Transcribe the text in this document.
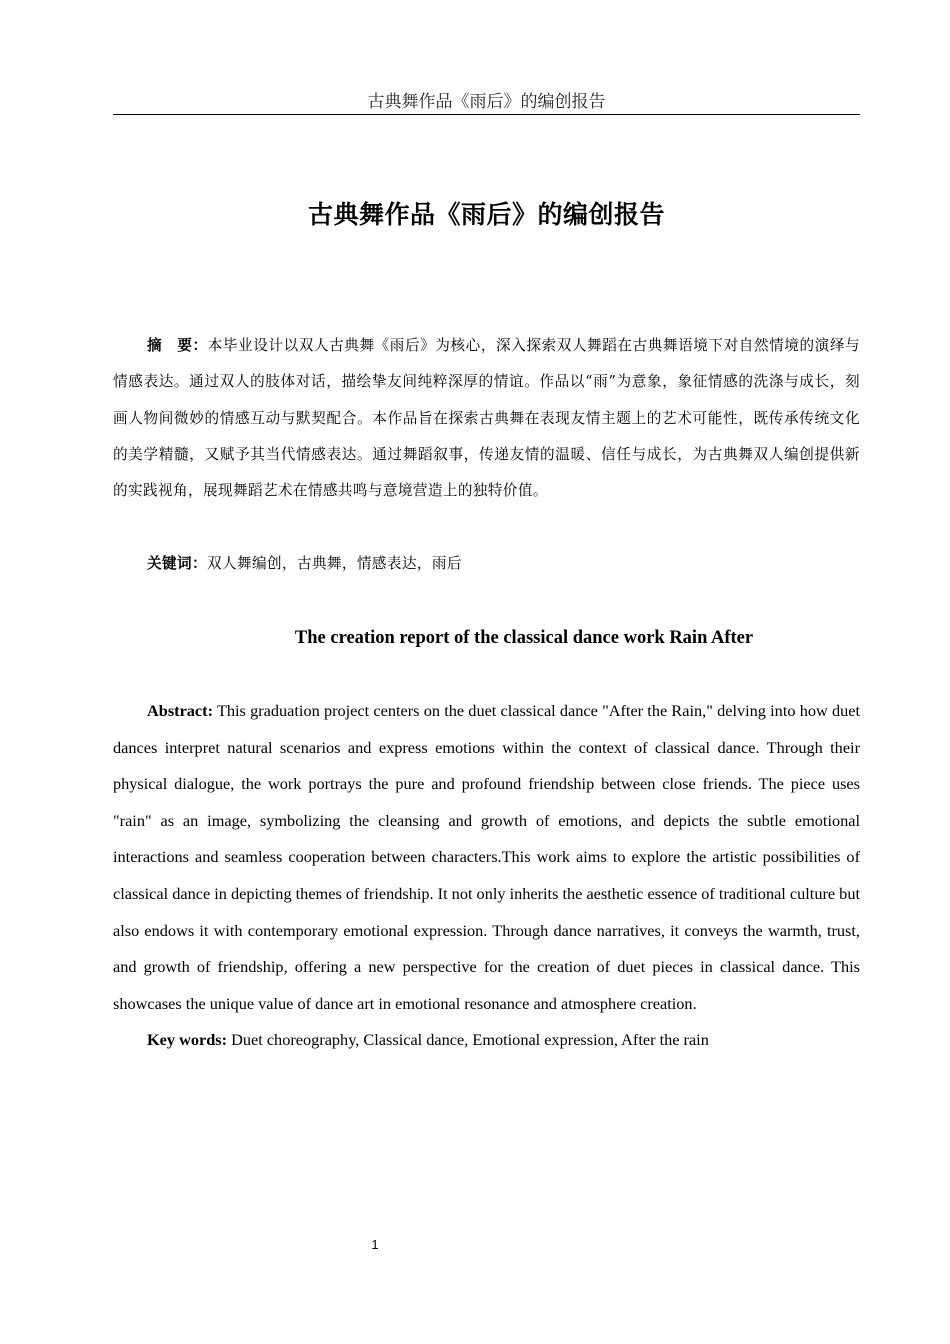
古典舞作品《雨后》的编创报告
古典舞作品《雨后》的编创报告

摘　要：本毕业设计以双人古典舞《雨后》为核心，深入探索双人舞蹈在古典舞语境下对自然情境的演绎与情感表达。通过双人的肢体对话，描绘挚友间纯粹深厚的情谊。作品以“雨”为意象，象征情感的洗涤与成长，刻画人物间微妙的情感互动与默契配合。本作品旨在探索古典舞在表现友情主题上的艺术可能性，既传承传统文化的美学精髓，又赋予其当代情感表达。通过舞蹈叙事，传递友情的温暖、信任与成长，为古典舞双人编创提供新的实践视角，展现舞蹈艺术在情感共鸣与意境营造上的独特价值。

关键词：双人舞编创，古典舞，情感表达，雨后

The creation report of the classical dance work Rain After

Abstract: This graduation project centers on the duet classical dance "After the Rain," delving into how duet dances interpret natural scenarios and express emotions within the context of classical dance. Through their physical dialogue, the work portrays the pure and profound friendship between close friends. The piece uses "rain" as an image, symbolizing the cleansing and growth of emotions, and depicts the subtle emotional interactions and seamless cooperation between characters.This work aims to explore the artistic possibilities of classical dance in depicting themes of friendship. It not only inherits the aesthetic essence of traditional culture but also endows it with contemporary emotional expression. Through dance narratives, it conveys the warmth, trust, and growth of friendship, offering a new perspective for the creation of duet pieces in classical dance. This showcases the unique value of dance art in emotional resonance and atmosphere creation.

Key words: Duet choreography, Classical dance, Emotional expression, After the rain

1
